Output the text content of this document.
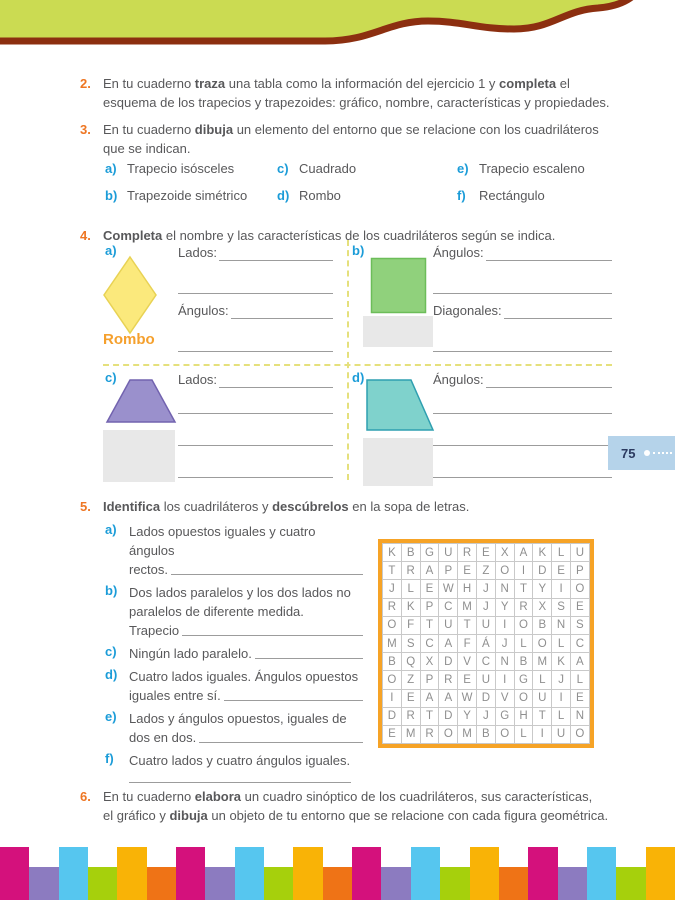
2. En tu cuaderno traza una tabla como la información del ejercicio 1 y completa el
esquema de los trapecios y trapezoides: gráfico, nombre, características y propiedades.
3. En tu cuaderno dibuja un elemento del entorno que se relacione con los cuadriláteros
que se indican.
a) Trapecio isósceles
b) Trapezoide simétrico
c) Cuadrado
d) Rombo
e) Trapecio escaleno
f)	Rectángulo
4. Completa el nombre y las características de los cuadriláteros según se indica.
a)
Rombo
Lados:
Ángulos:
b)	Ángulos:
Diagonales:
c)	Lados:	d)	Ángulos:
75
5. Identifica los cuadriláteros y descúbrelos en la sopa de letras.
a) Lados opuestos iguales y cuatro ángulos
rectos.
b) Dos lados paralelos y los dos lados no
paralelos de diferente medida.
Trapecio
c) Ningún lado paralelo.
d) Cuatro lados iguales. Ángulos opuestos
iguales entre sí.
e) Lados y ángulos opuestos, iguales de
dos en dos.
f)	Cuatro lados y cuatro ángulos iguales.
K	B	G	U	R	E	X	A	K	L	U
T	R	A	P	E	Z	O	I	D	E	P
J	L	E	W	H	J	N	T	Y	I	O
R	K	P	C	M	J	Y	R	X	S	E
O	F	T	U	T	U	I	O	B	N	S
M	S	C	A	F	Á	J	L	O	L	C
B	Q	X	D	V	C	N	B	M	K	A
O	Z	P	R	E	U	I	G	L	J	L
I	E	A	A	W	D	V	O	U	I	E
D	R	T	D	Y	J	G	H	T	L	N
E	M	R	O	M	B	O	L	I	U	O
6. En tu cuaderno elabora un cuadro sinóptico de los cuadriláteros, sus características,
el gráfico y dibuja un objeto de tu entorno que se relacione con cada figura geométrica.
